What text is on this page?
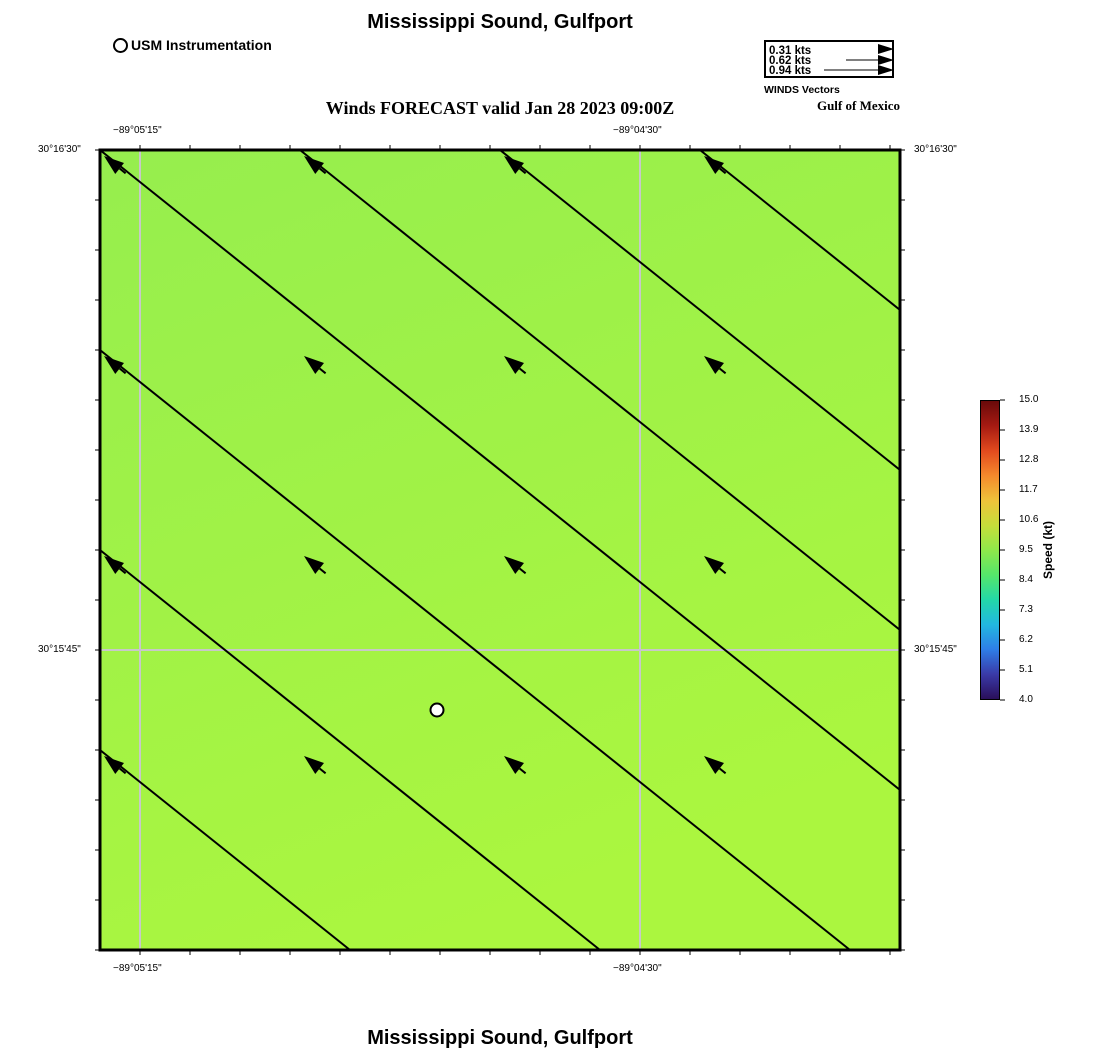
Mississippi Sound, Gulfport
USM Instrumentation	0.31 kts
0.62 kts
0.94 kts
WINDS Vectors
Winds FORECAST valid Jan 28 2023 09:00Z	Gulf of Mexico
−89°05'15"	−89°04'30"
−89°05'15"	−89°04'30"
30°16'30"
30°15'45"
30°16'30"
30°15'45"
15.0
13.9
12.8
11.7
10.6
9.5
8.4
7.3
6.2
5.1
4.0
Speed (kt)
Mississippi Sound, Gulfport
